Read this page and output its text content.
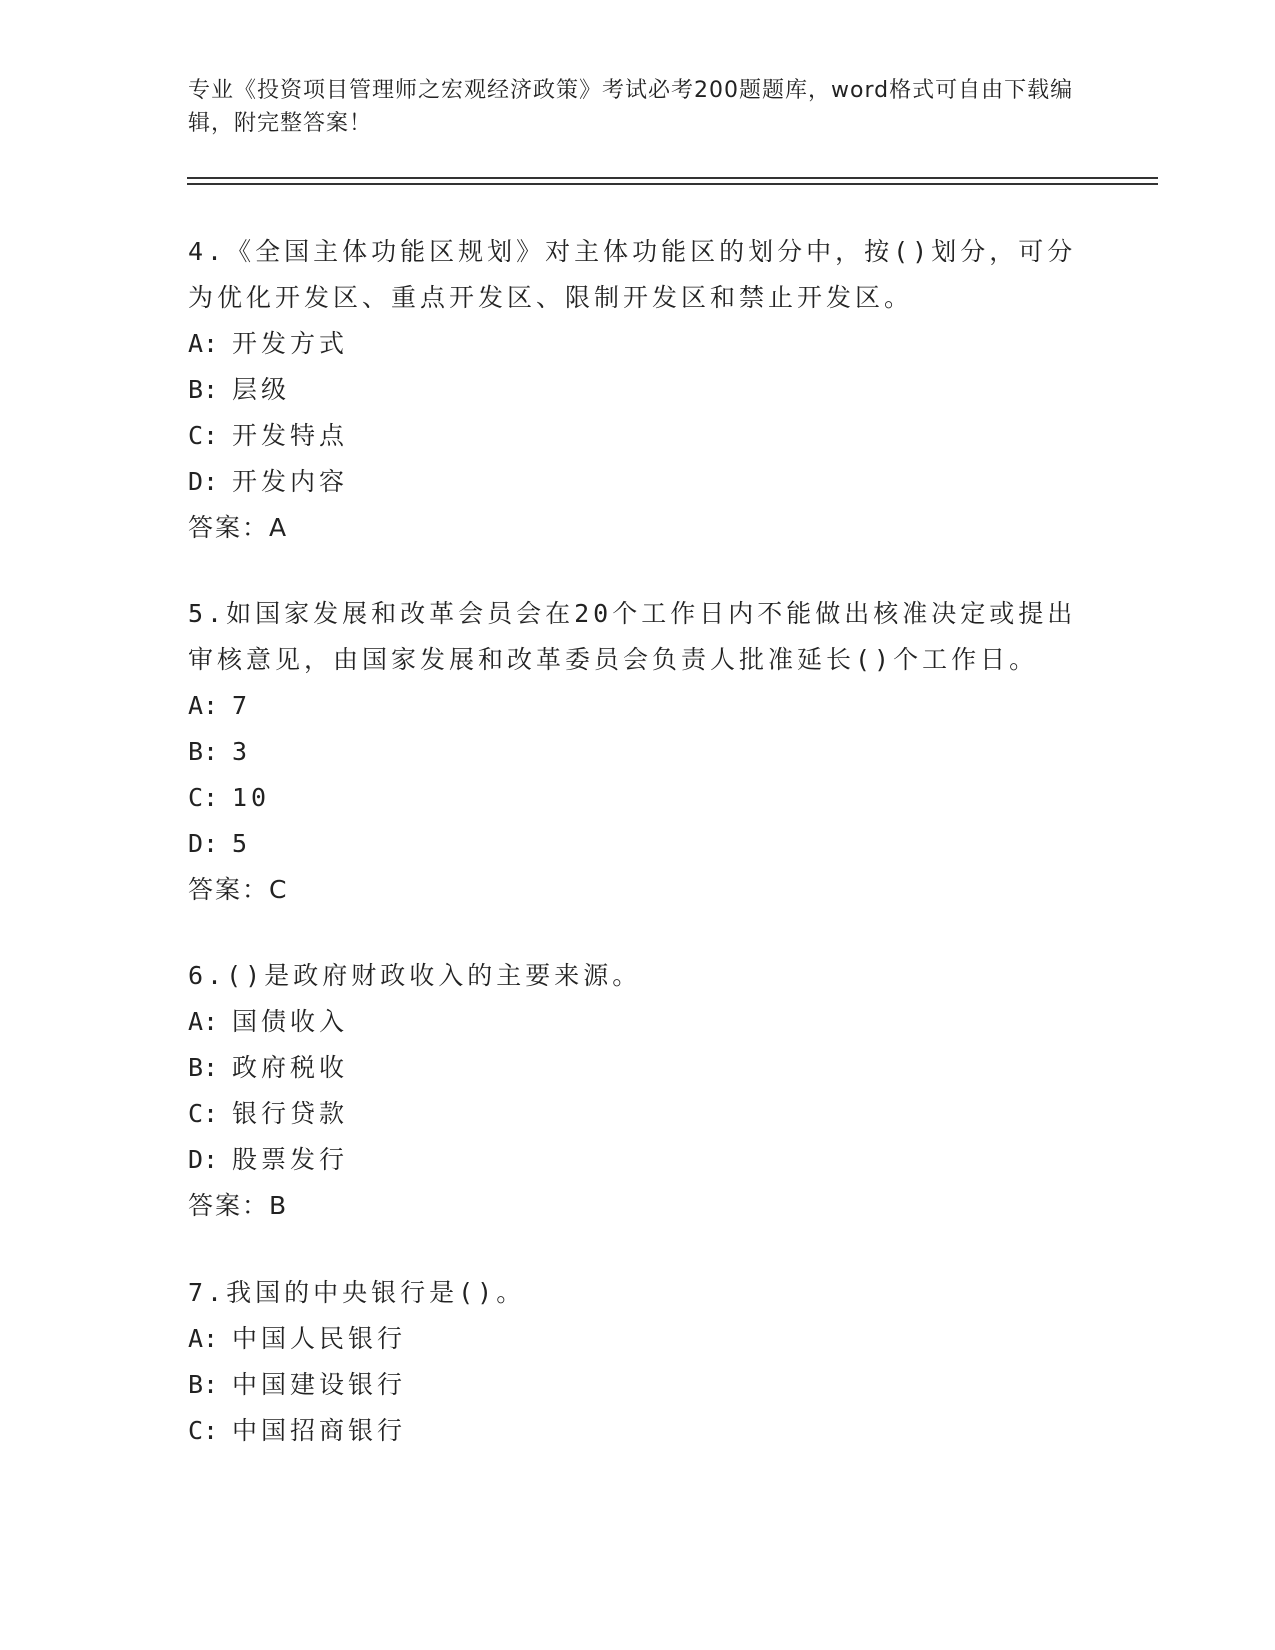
专业《投资项目管理师之宏观经济政策》考试必考200题题库，word格式可自由下载编辑，附完整答案！

4.《全国主体功能区规划》对主体功能区的划分中，按()划分，可分为优化开发区、重点开发区、限制开发区和禁止开发区。

A: 开发方式
B: 层级
C: 开发特点
D: 开发内容
答案：A

5.如国家发展和改革会员会在20个工作日内不能做出核准决定或提出审核意见，由国家发展和改革委员会负责人批准延长()个工作日。

A: 7
B: 3
C: 10
D: 5
答案：C

6.()是政府财政收入的主要来源。

A: 国债收入
B: 政府税收
C: 银行贷款
D: 股票发行
答案：B

7.我国的中央银行是()。

A: 中国人民银行
B: 中国建设银行
C: 中国招商银行
